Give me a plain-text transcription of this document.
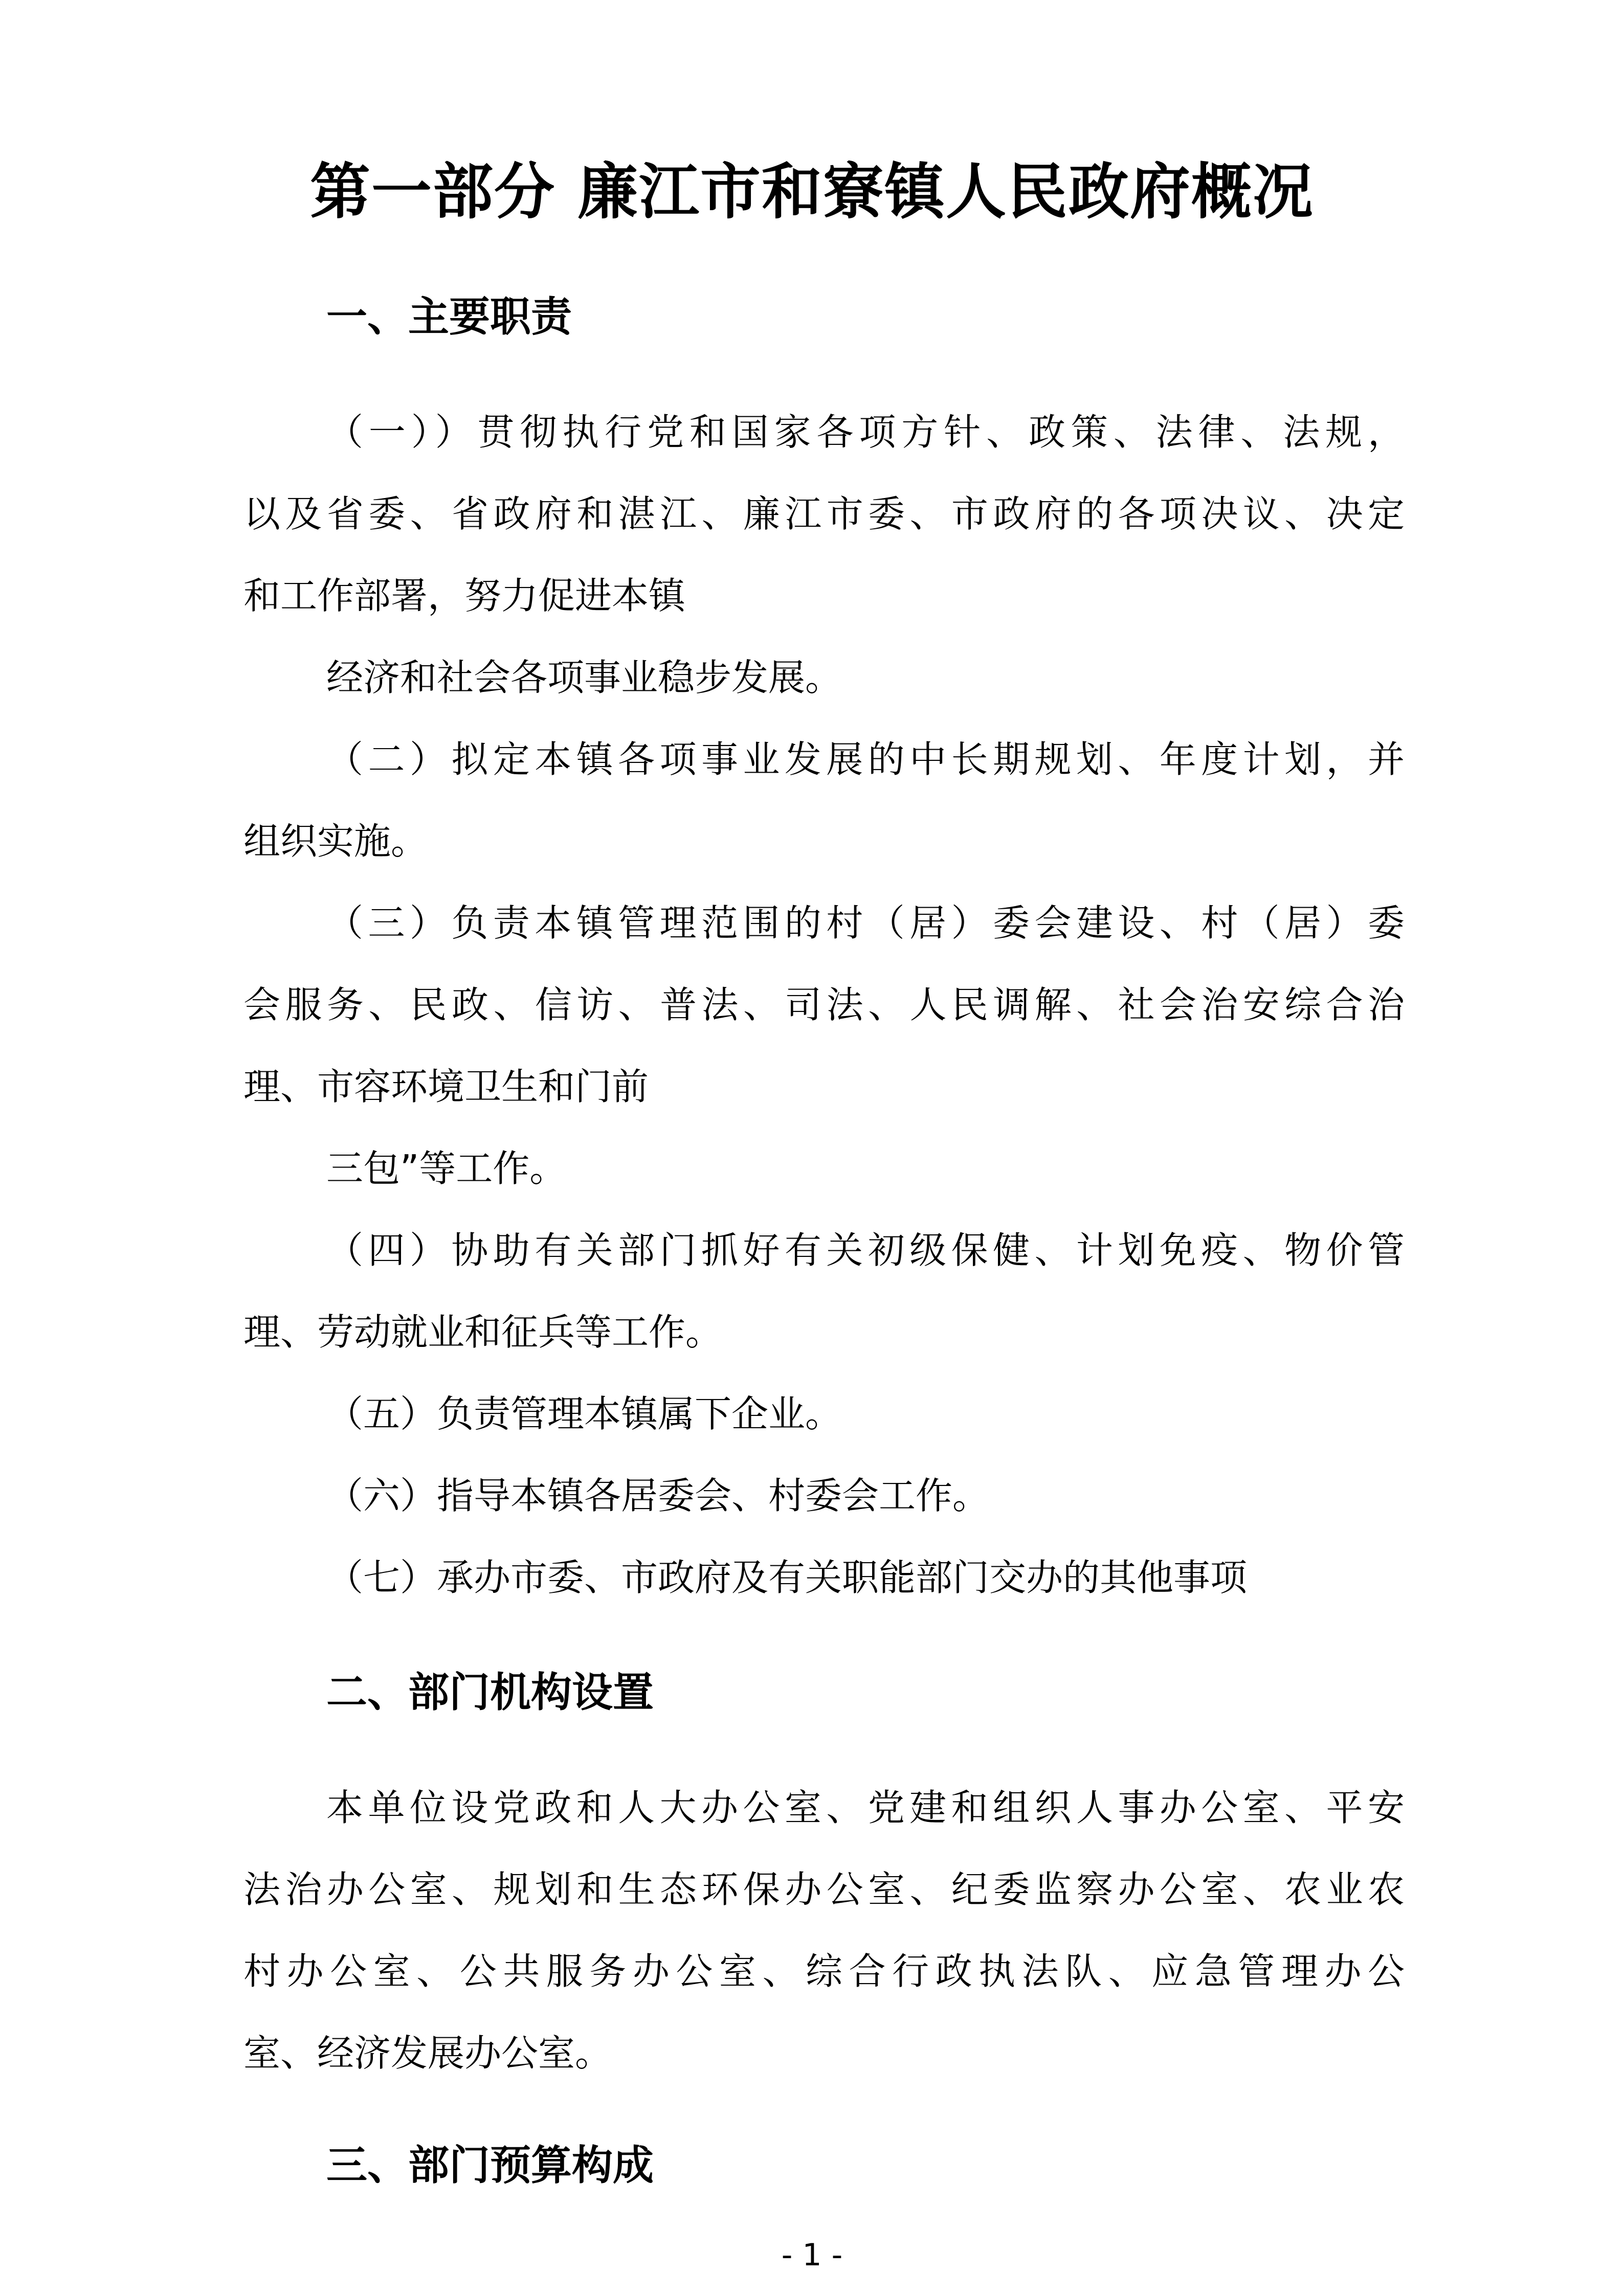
第一部分 廉江市和寮镇人民政府概况
一、主要职责
（一））贯彻执行党和国家各项方针、政策、法律、法规，
以及省委、省政府和湛江、廉江市委、市政府的各项决议、决定
和工作部署，努力促进本镇
经济和社会各项事业稳步发展。
（二）拟定本镇各项事业发展的中长期规划、年度计划，并
组织实施。
（三）负责本镇管理范围的村（居）委会建设、村（居）委
会服务、民政、信访、普法、司法、人民调解、社会治安综合治
理、市容环境卫生和门前
三包”等工作。
（四）协助有关部门抓好有关初级保健、计划免疫、物价管
理、劳动就业和征兵等工作。
（五）负责管理本镇属下企业。
（六）指导本镇各居委会、村委会工作。
（七）承办市委、市政府及有关职能部门交办的其他事项
二、部门机构设置
本单位设党政和人大办公室、党建和组织人事办公室、平安
法治办公室、规划和生态环保办公室、纪委监察办公室、农业农
村办公室、公共服务办公室、综合行政执法队、应急管理办公
室、经济发展办公室。
三、部门预算构成
- 1 -
